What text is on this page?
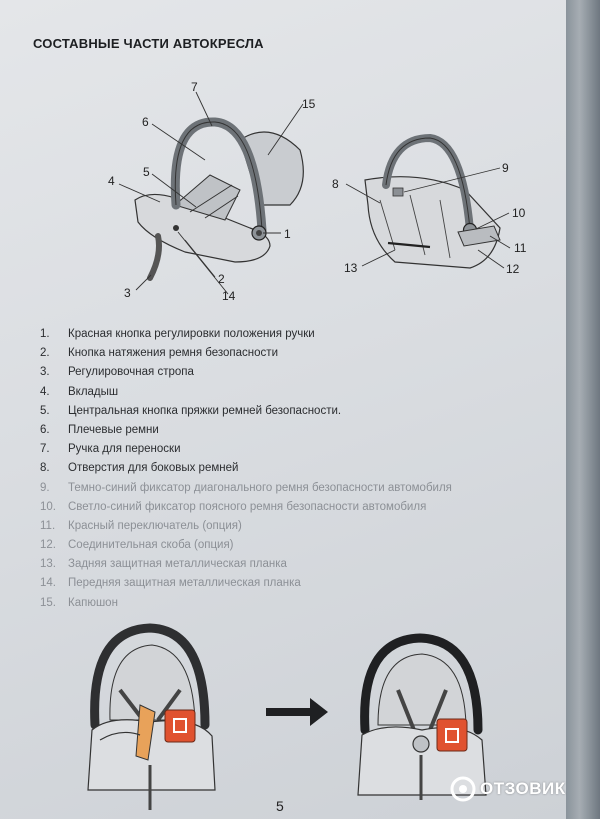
СОСТАВНЫЕ ЧАСТИ АВТОКРЕСЛА
1
2
3
4
5
6
7
8
9
10
11
12
13
14
15
1. Красная кнопка регулировки положения ручки
2. Кнопка натяжения ремня безопасности
3. Регулировочная стропа
4. Вкладыш
5. Центральная кнопка пряжки ремней безопасности.
6. Плечевые ремни
7. Ручка для переноски
8. Отверстия для боковых ремней
9. Темно-синий фиксатор диагонального ремня безопасности автомобиля
10. Светло-синий фиксатор поясного ремня безопасности автомобиля
11. Красный переключатель (опция)
12. Соединительная скоба (опция)
13. Задняя защитная металлическая планка
14. Передняя защитная металлическая планка
15. Капюшон
5
ОТЗОВИК
